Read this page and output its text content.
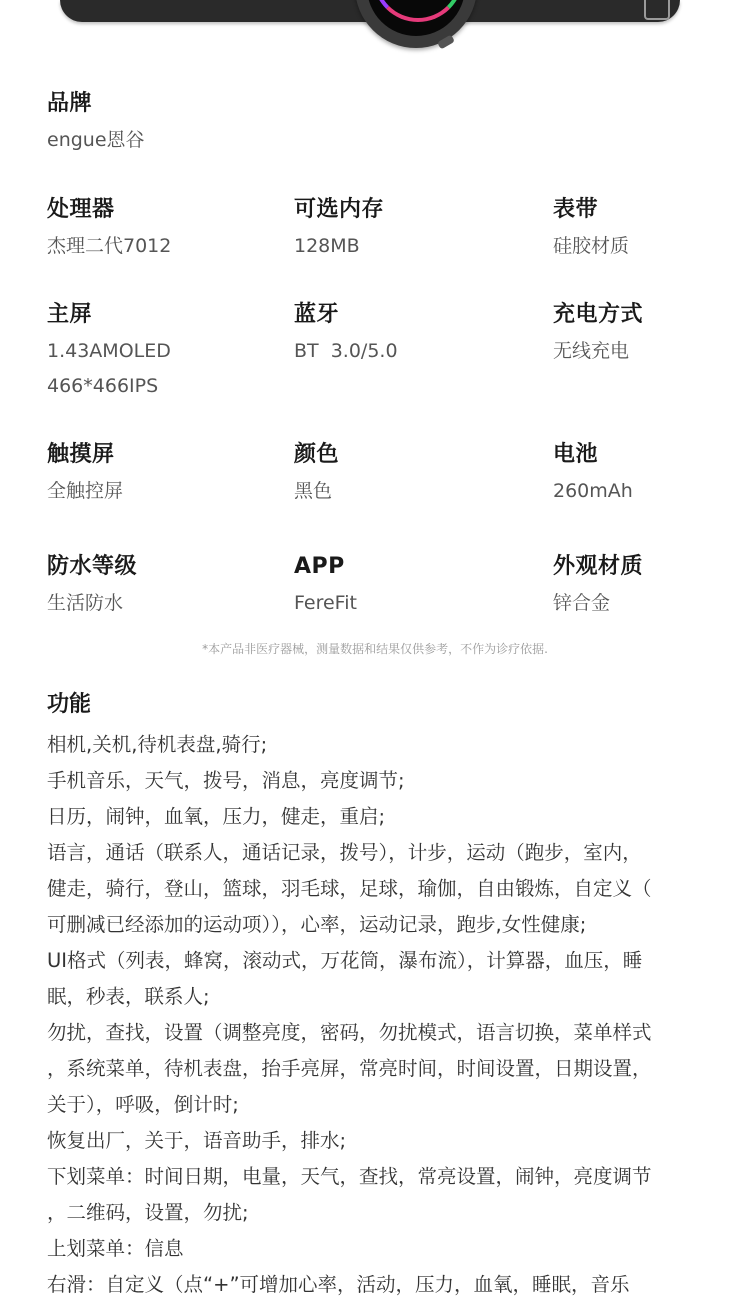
品牌
engue恩谷
处理器
杰理二代7012
可选内存
128MB
表带
硅胶材质
主屏
1.43AMOLED
466*466IPS
蓝牙
BT  3.0/5.0
充电方式
无线充电
触摸屏
全触控屏
颜色
黑色
电池
260mAh
防水等级
生活防水
APP
FereFit
外观材质
锌合金
*本产品非医疗器械，测量数据和结果仅供参考，不作为诊疗依据.
功能
相机,关机,待机表盘,骑行;
手机音乐，天气，拨号，消息，亮度调节;
日历，闹钟，血氧，压力，健走，重启;
语言，通话（联系人，通话记录，拨号），计步，运动（跑步，室内，
健走，骑行，登山，篮球，羽毛球，足球，瑜伽，自由锻炼，自定义（
可删减已经添加的运动项）），心率，运动记录，跑步,女性健康;
UI格式（列表，蜂窝，滚动式，万花筒，瀑布流），计算器，血压，睡
眠，秒表，联系人;
勿扰，查找，设置（调整亮度，密码，勿扰模式，语言切换，菜单样式
，系统菜单，待机表盘，抬手亮屏，常亮时间，时间设置，日期设置，
关于），呼吸，倒计时;
恢复出厂，关于，语音助手，排水;
下划菜单：时间日期，电量，天气，查找，常亮设置，闹钟，亮度调节
，二维码，设置，勿扰;
上划菜单：信息
右滑：自定义（点“+”可增加心率，活动，压力，血氧，睡眠，音乐
